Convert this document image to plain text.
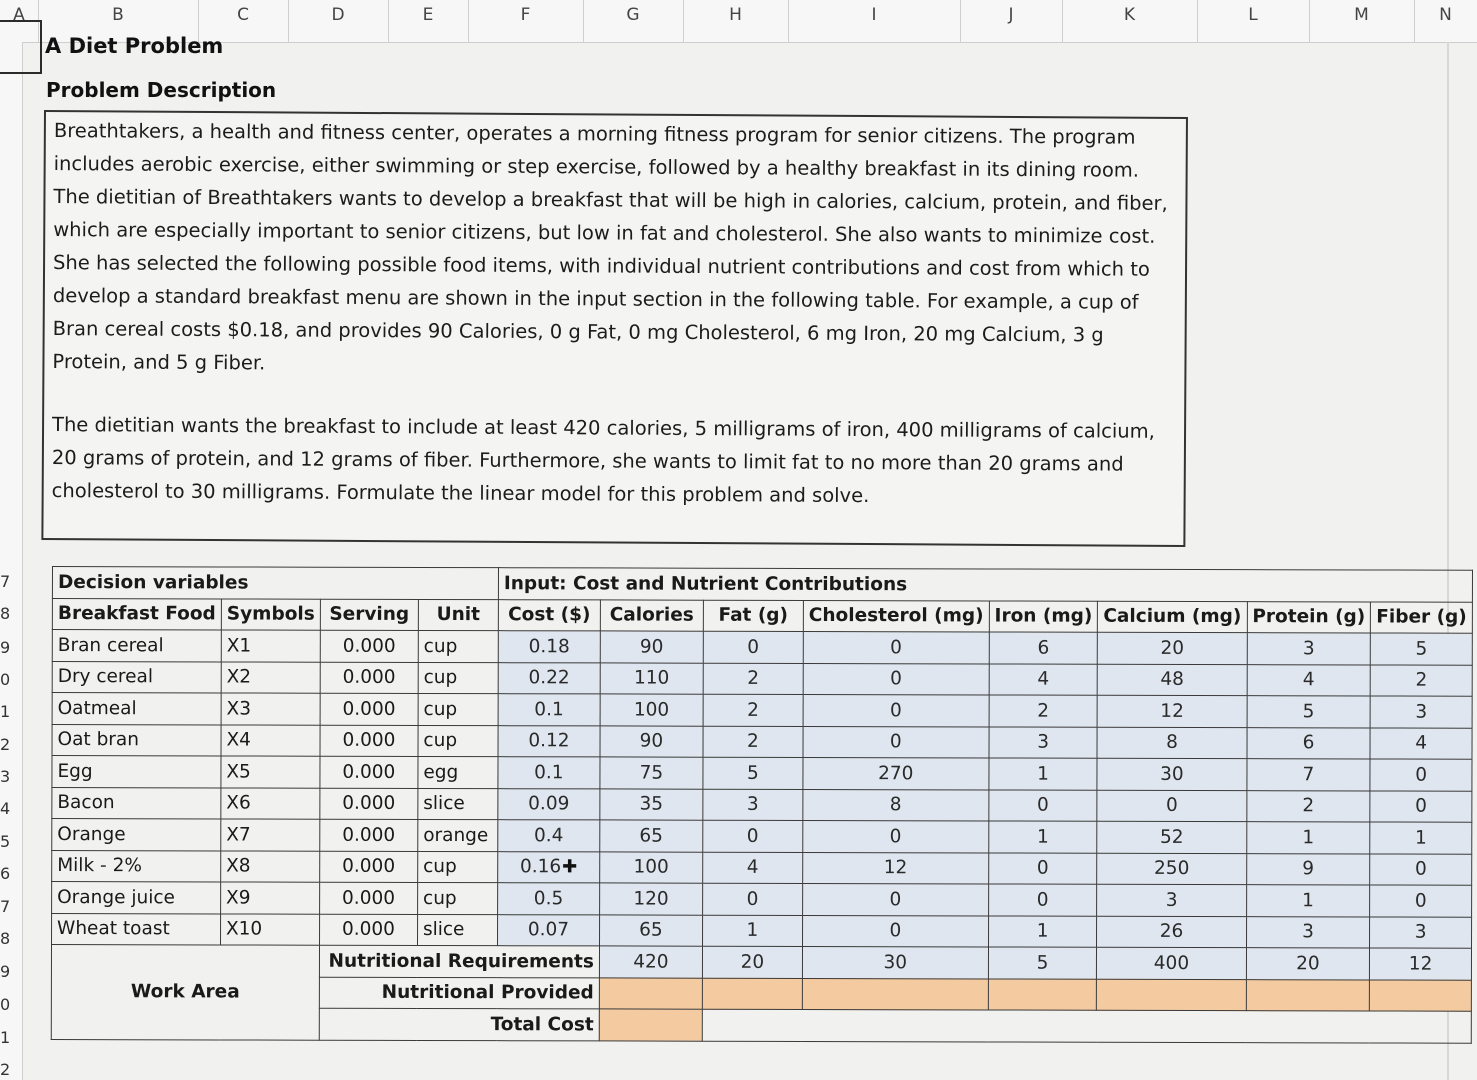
A	B	C	D	E	F	G	H	I	J	K	L	M	N
7
8
9
0
1
2
3
4
5
6
7
8
9
0
1
2
A Diet Problem
Problem Description

Breathtakers, a health and fitness center, operates a morning fitness program for senior citizens. The program includes aerobic exercise, either swimming or step exercise, followed by a healthy breakfast in its dining room. The dietitian of Breathtakers wants to develop a breakfast that will be high in calories, calcium, protein, and fiber, which are especially important to senior citizens, but low in fat and cholesterol. She also wants to minimize cost. She has selected the following possible food items, with individual nutrient contributions and cost from which to develop a standard breakfast menu are shown in the input section in the following table. For example, a cup of Bran cereal costs $0.18, and provides 90 Calories, 0 g Fat, 0 mg Cholesterol, 6 mg Iron, 20 mg Calcium, 3 g Protein, and 5 g Fiber.

The dietitian wants the breakfast to include at least 420 calories, 5 milligrams of iron, 400 milligrams of calcium, 20 grams of protein, and 12 grams of fiber. Furthermore, she wants to limit fat to no more than 20 grams and cholesterol to 30 milligrams. Formulate the linear model for this problem and solve.

Decision variables				Input: Cost and Nutrient Contributions							
Breakfast Food	Symbols	Serving	Unit	Cost ($)	Calories	Fat (g)	Cholesterol (mg)	Iron (mg)	Calcium (mg)	Protein (g)	Fiber (g)
Bran cereal	X1	0.000	cup	0.18	90	0	0	6	20	3	5
Dry cereal	X2	0.000	cup	0.22	110	2	0	4	48	4	2
Oatmeal	X3	0.000	cup	0.1	100	2	0	2	12	5	3
Oat bran	X4	0.000	cup	0.12	90	2	0	3	8	6	4
Egg	X5	0.000	egg	0.1	75	5	270	1	30	7	0
Bacon	X6	0.000	slice	0.09	35	3	8	0	0	2	0
Orange	X7	0.000	orange	0.4	65	0	0	1	52	1	1
Milk - 2%	X8	0.000	cup	0.16✚	100	4	12	0	250	9	0
Orange juice	X9	0.000	cup	0.5	120	0	0	0	3	1	0
Wheat toast	X10	0.000	slice	0.07	65	1	0	1	26	3	3
Work Area		Nutritional Requirements			420	20	30	5	400	20	12
		Nutritional Provided									
		Total Cost									
